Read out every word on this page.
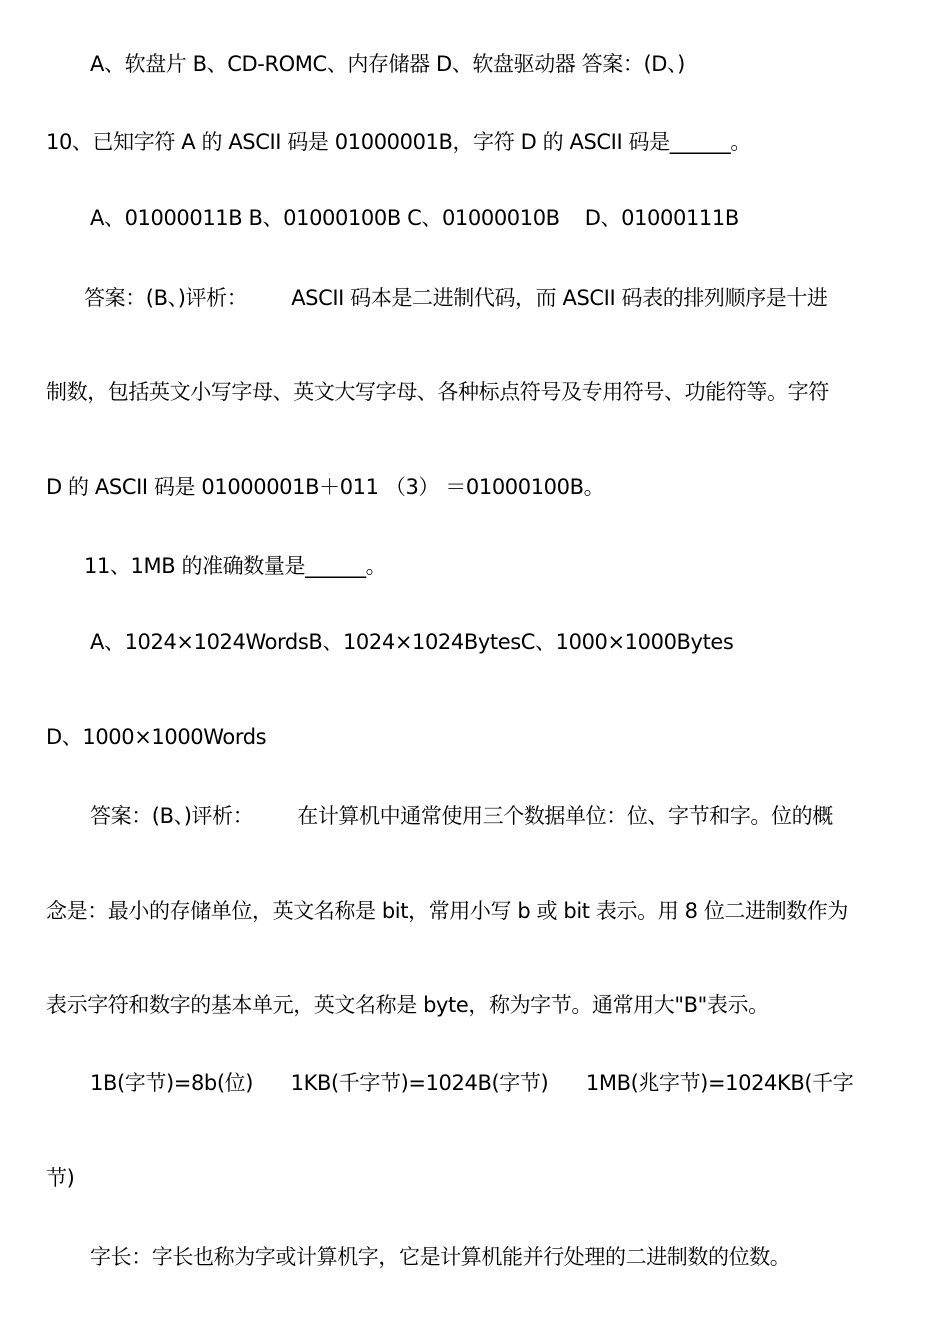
A、软盘片 B、CD-ROMC、内存储器 D、软盘驱动器 答案：(D、)
10、已知字符 A 的 ASCII 码是 01000001B，字符 D 的 ASCII 码是______。
A、01000011B B、01000100B C、01000010B    D、01000111B
答案：(B、)评析：       ASCII 码本是二进制代码，而 ASCII 码表的排列顺序是十进
制数，包括英文小写字母、英文大写字母、各种标点符号及专用符号、功能符等。字符
D 的 ASCII 码是 01000001B＋011 （3） ＝01000100B。
11、1MB 的准确数量是______。
A、1024×1024WordsB、1024×1024BytesC、1000×1000Bytes
D、1000×1000Words
答案：(B、)评析：       在计算机中通常使用三个数据单位：位、字节和字。位的概
念是：最小的存储单位，英文名称是 bit，常用小写 b 或 bit 表示。用 8 位二进制数作为
表示字符和数字的基本单元，英文名称是 byte，称为字节。通常用大"B"表示。
1B(字节)=8b(位)      1KB(千字节)=1024B(字节)      1MB(兆字节)=1024KB(千字
节)
字长：字长也称为字或计算机字，它是计算机能并行处理的二进制数的位数。
